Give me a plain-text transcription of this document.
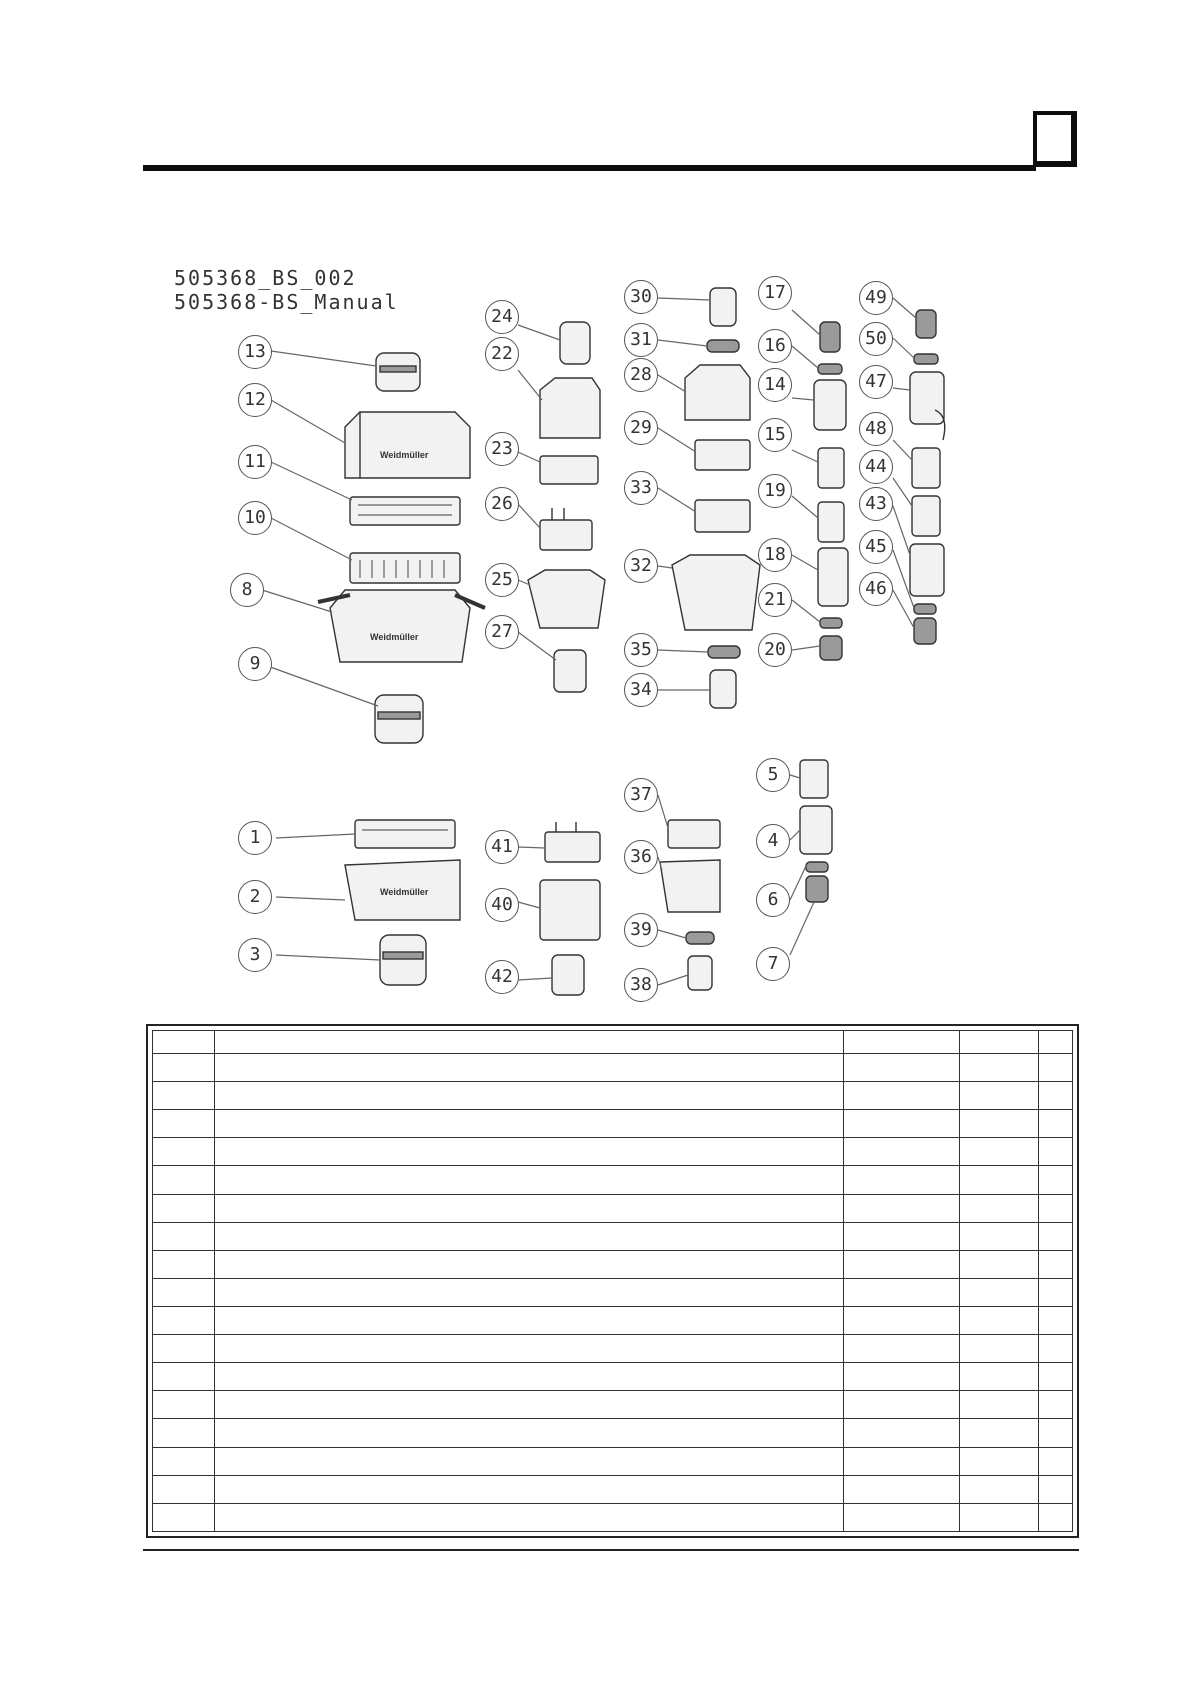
505368_BS_002
505368-BS_Manual

Weidmüller
Weidmüller
Weidmüller
13
12
11
10
8
9
1
2
3
24
22
23
26
25
27
41
40
42
30
31
28
29
33
32
35
34
37
36
39
38
17
16
14
15
19
18
21
20
5
4
6
7
49
50
47
48
44
43
45
46
